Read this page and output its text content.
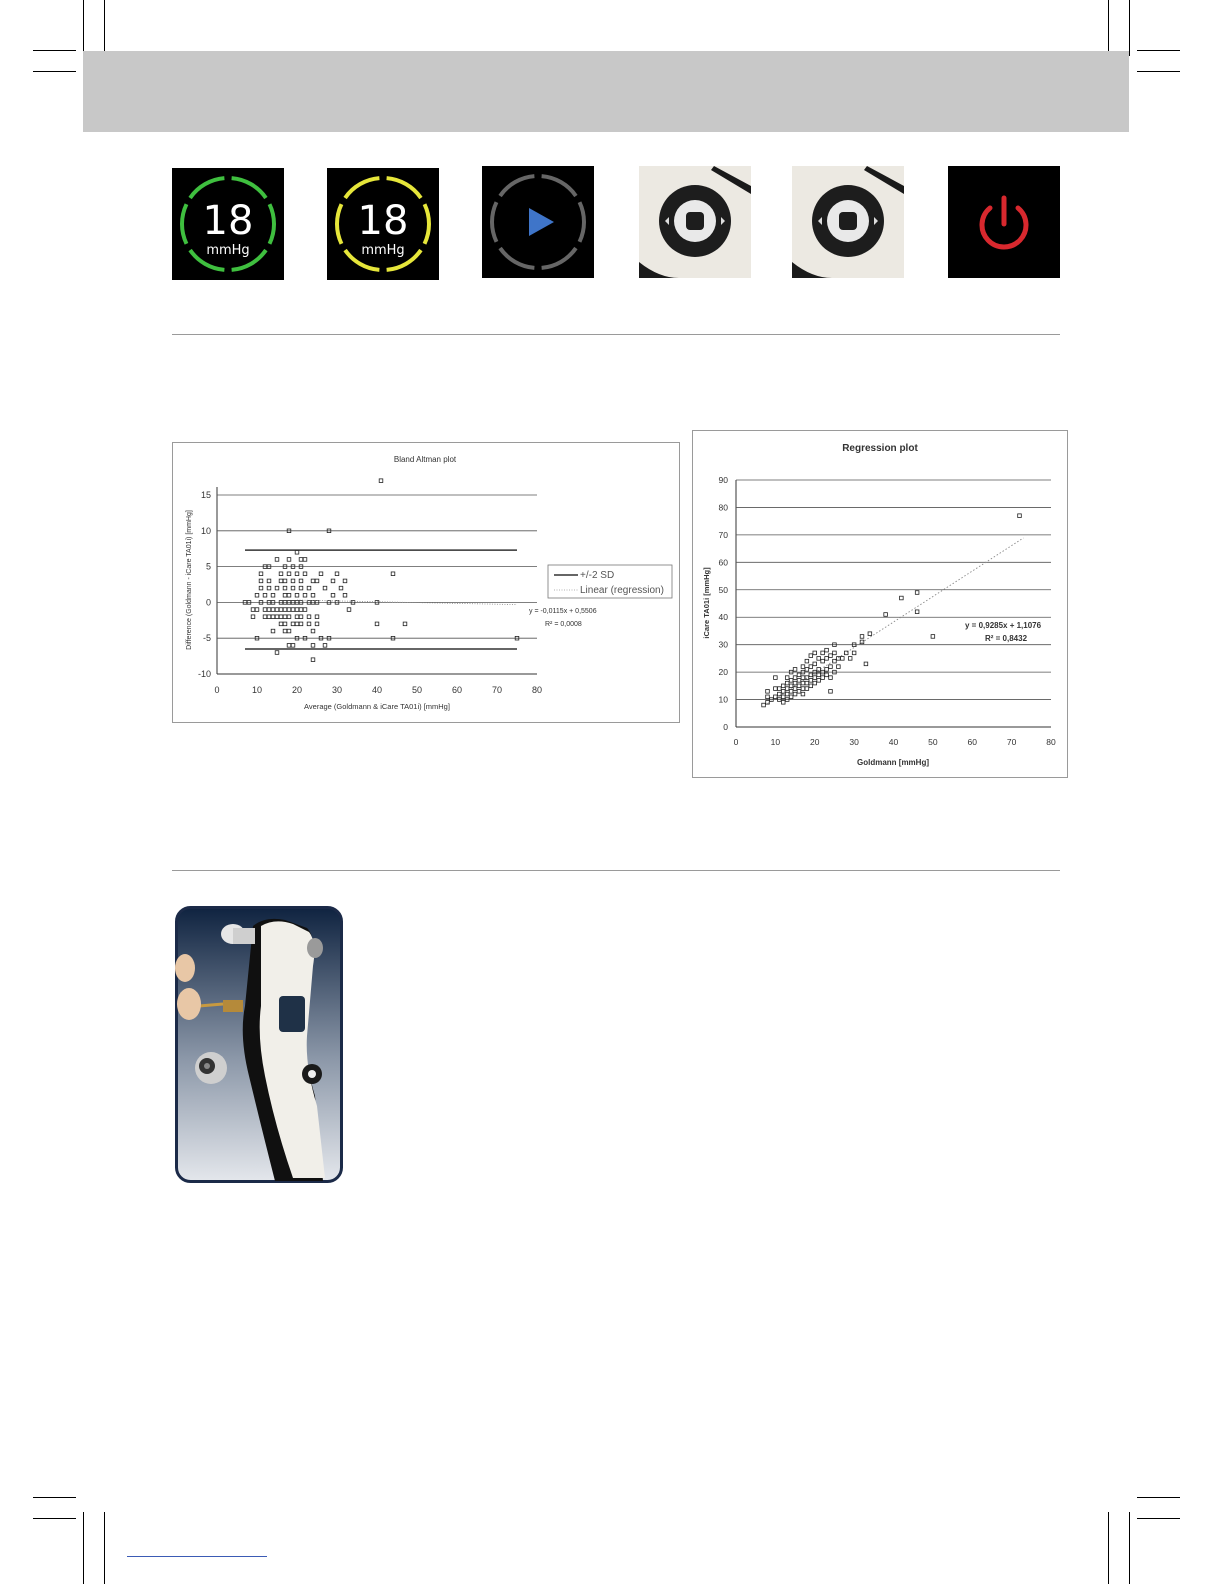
18
mmHg
18
mmHg
Bland Altman plot
Average (Goldmann & iCare TA01i) [mmHg]
Difference (Goldmann - iCare TA01i) [mmHg]
-10
-5
0
5
10
15
0	10	20	30	40	50	60	70	80
y = -0,0115x + 0,5506
R² = 0,0008
+/-2 SD
Linear (regression)
Regression plot
Goldmann [mmHg]
iCare TA01i [mmHg]
0
10
20
30
40
50
60
70
80
90
0	10	20	30	40	50	60	70	80
y = 0,9285x + 1,1076
R² = 0,8432
